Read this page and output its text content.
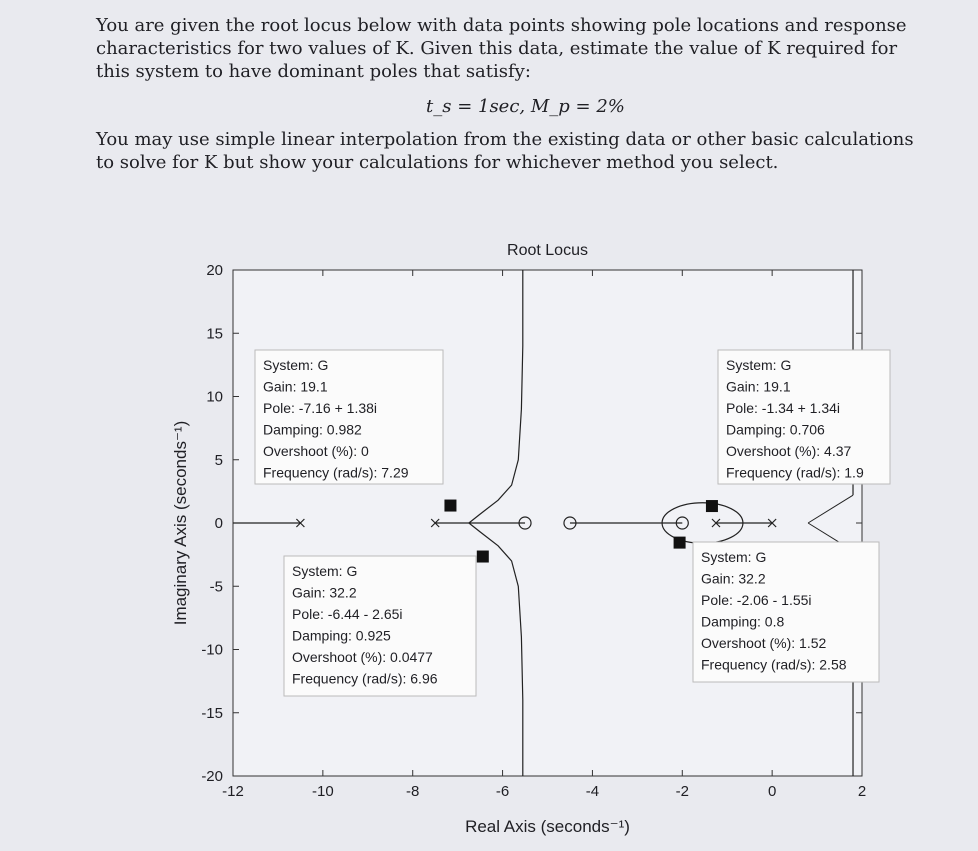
You are given the root locus below with data points showing pole locations and response characteristics for two values of K. Given this data, estimate the value of K required for this system to have dominant poles that satisfy:

t_s = 1sec, M_p = 2%

You may use simple linear interpolation from the existing data or other basic calculations to solve for K but show your calculations for whichever method you select.

Root Locus
-12	-10	-8	-6	-4	-2	0	2
20
15
10
5
0
-5
-10
-15
-20
Real Axis (seconds⁻¹)
Imaginary Axis (seconds⁻¹)
System: G
Gain: 19.1
Pole: -7.16 + 1.38i
Damping: 0.982
Overshoot (%): 0
Frequency (rad/s): 7.29
System: G
Gain: 32.2
Pole: -6.44 - 2.65i
Damping: 0.925
Overshoot (%): 0.0477
Frequency (rad/s): 6.96
System: G
Gain: 19.1
Pole: -1.34 + 1.34i
Damping: 0.706
Overshoot (%): 4.37
Frequency (rad/s): 1.9
System: G
Gain: 32.2
Pole: -2.06 - 1.55i
Damping: 0.8
Overshoot (%): 1.52
Frequency (rad/s): 2.58
